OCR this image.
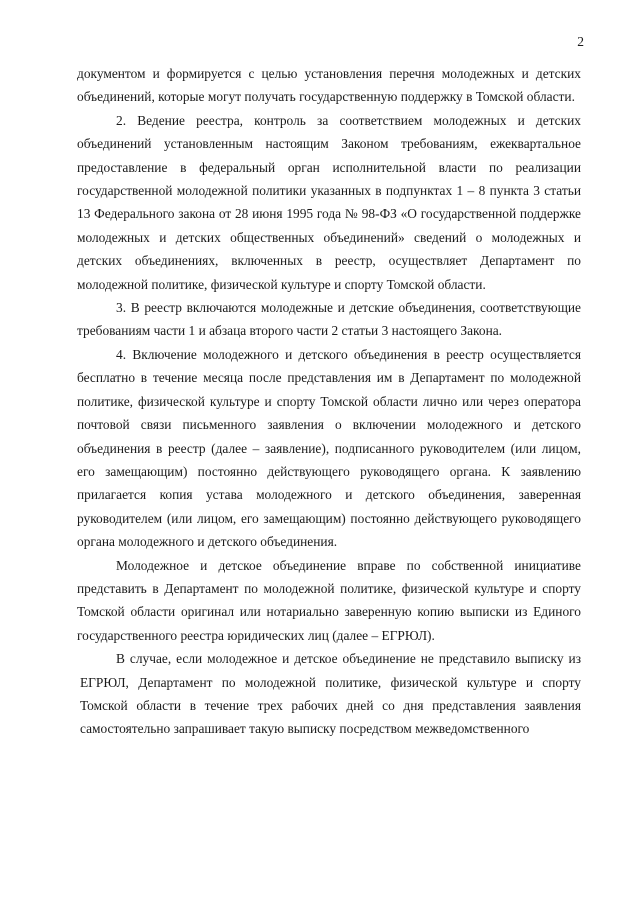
2

документом и формируется с целью установления перечня молодежных и детских объединений, которые могут получать государственную поддержку в Томской области.

2. Ведение реестра, контроль за соответствием молодежных и детских объединений установленным настоящим Законом требованиям, ежеквартальное предоставление в федеральный орган исполнительной власти по реализации государственной молодежной политики указанных в подпунктах 1 – 8 пункта 3 статьи 13 Федерального закона от 28 июня 1995 года № 98-ФЗ «О государственной поддержке молодежных и детских общественных объединений» сведений о молодежных и детских объединениях, включенных в реестр, осуществляет Департамент по молодежной политике, физической культуре и спорту Томской области.

3. В реестр включаются молодежные и детские объединения, соответствующие требованиям части 1 и абзаца второго части 2 статьи 3 настоящего Закона.

4. Включение молодежного и детского объединения в реестр осуществляется бесплатно в течение месяца после представления им в Департамент по молодежной политике, физической культуре и спорту Томской области лично или через оператора почтовой связи письменного заявления о включении молодежного и детского объединения в реестр (далее – заявление), подписанного руководителем (или лицом, его замещающим) постоянно действующего руководящего органа. К заявлению прилагается копия устава молодежного и детского объединения, заверенная руководителем (или лицом, его замещающим) постоянно действующего руководящего органа молодежного и детского объединения.

Молодежное и детское объединение вправе по собственной инициативе представить в Департамент по молодежной политике, физической культуре и спорту Томской области оригинал или нотариально заверенную копию выписки из Единого государственного реестра юридических лиц (далее – ЕГРЮЛ).

В случае, если молодежное и детское объединение не представило выписку из ЕГРЮЛ, Департамент по молодежной политике, физической культуре и спорту Томской области в течение трех рабочих дней со дня представления заявления самостоятельно запрашивает такую выписку посредством межведомственного
